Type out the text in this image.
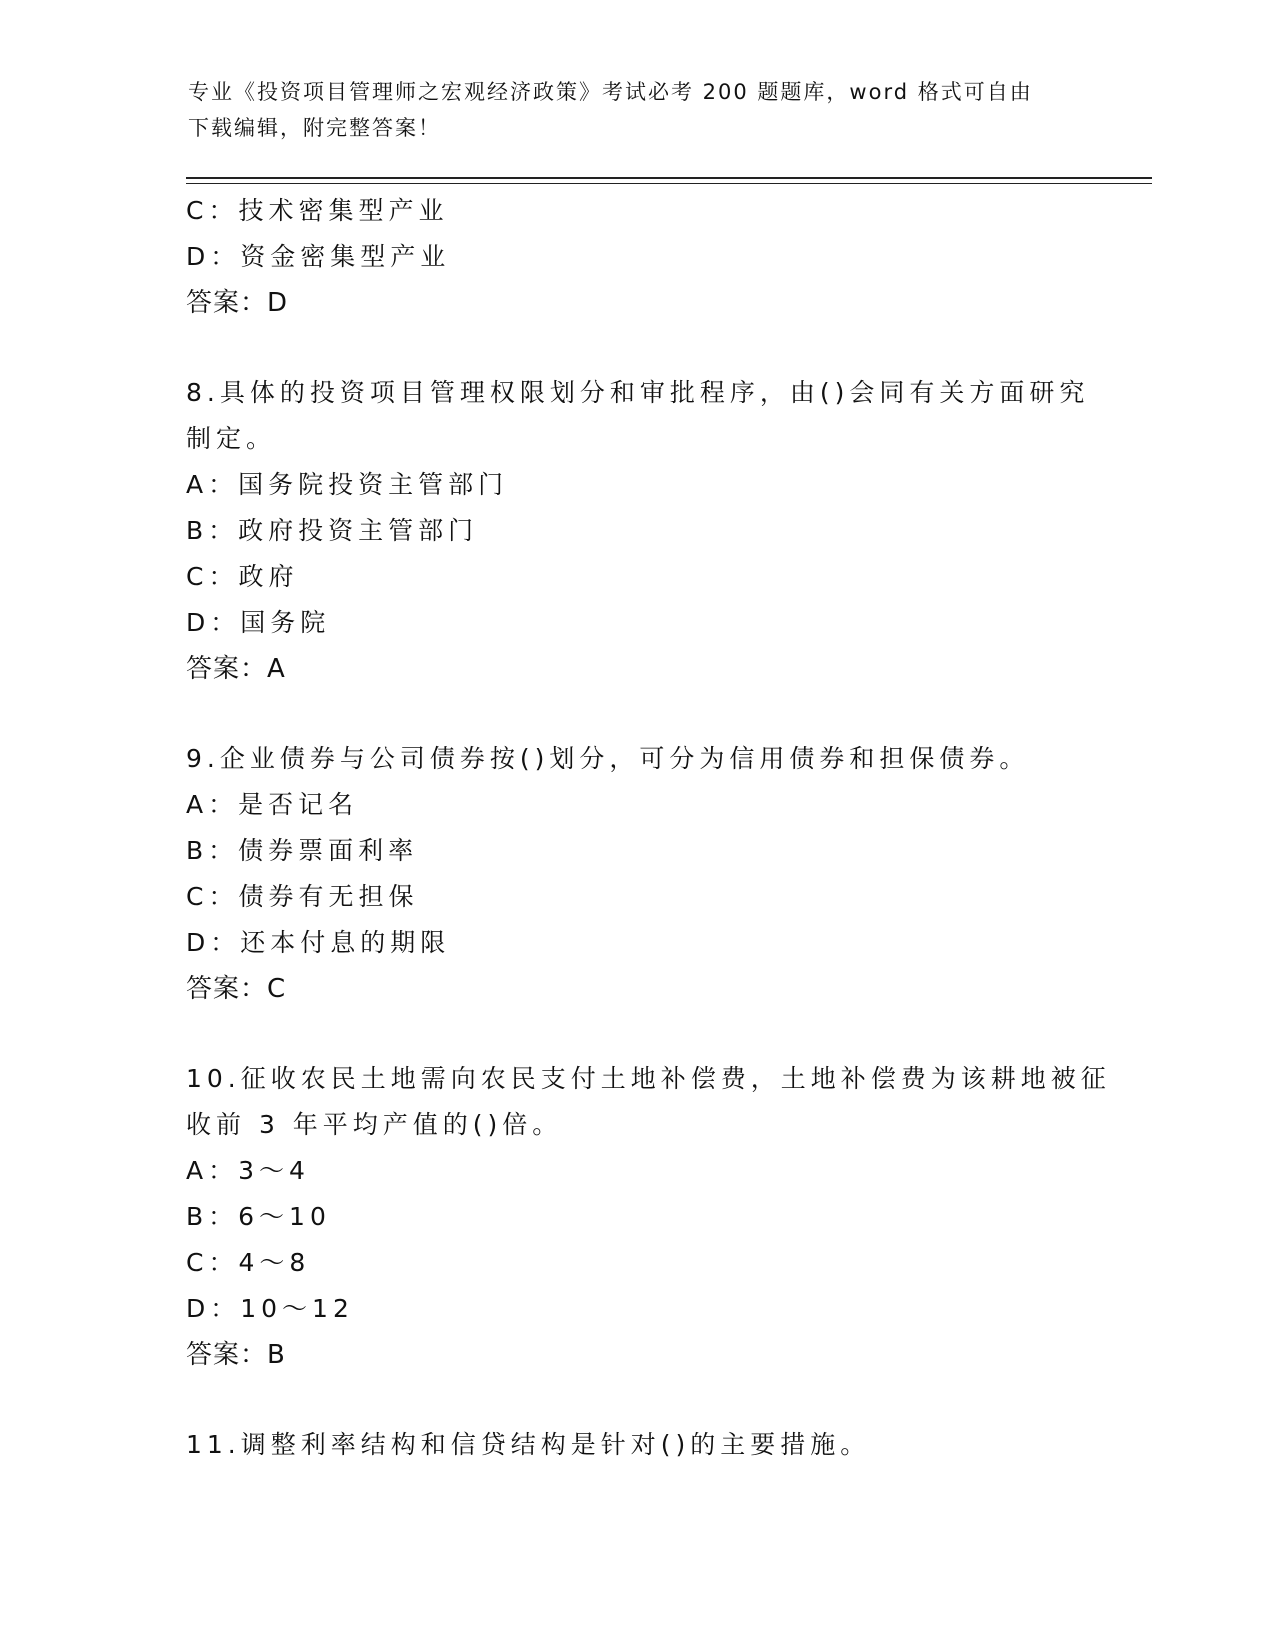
专业《投资项目管理师之宏观经济政策》考试必考 200 题题库，word 格式可自由
下载编辑，附完整答案！
C：技术密集型产业
D：资金密集型产业
答案：D
8.具体的投资项目管理权限划分和审批程序，由()会同有关方面研究
制定。
A：国务院投资主管部门
B：政府投资主管部门
C：政府
D：国务院
答案：A
9.企业债券与公司债券按()划分，可分为信用债券和担保债券。
A：是否记名
B：债券票面利率
C：债券有无担保
D：还本付息的期限
答案：C
10.征收农民土地需向农民支付土地补偿费，土地补偿费为该耕地被征
收前 3 年平均产值的()倍。
A：3～4
B：6～10
C：4～8
D：10～12
答案：B
11.调整利率结构和信贷结构是针对()的主要措施。
